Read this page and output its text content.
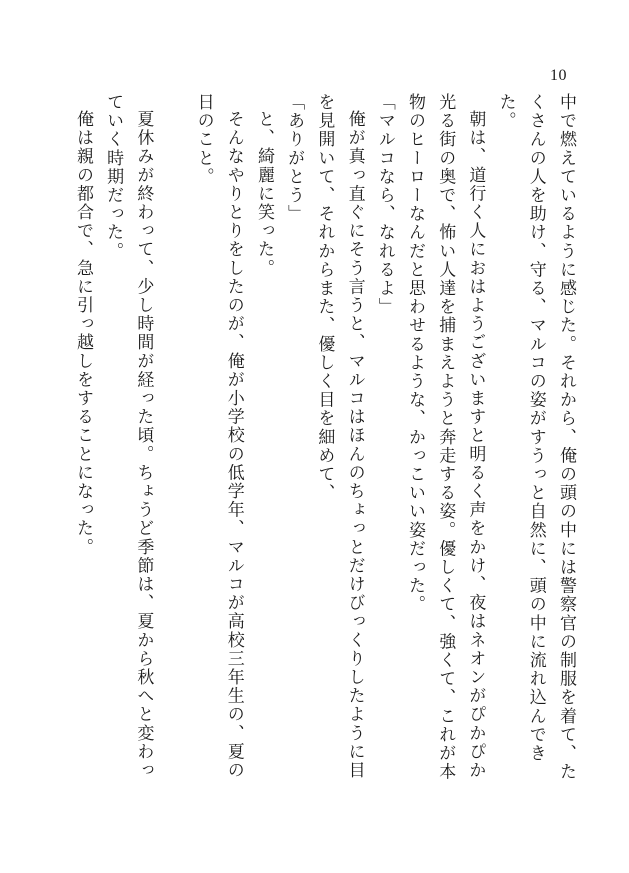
10

中で燃えているように感じた。それから、俺の頭の中には警察官の制服を着て、たくさんの人を助け、守る、マルコの姿がすうっと自然に、頭の中に流れ込んできた。

朝は、道行く人におはようございますと明るく声をかけ、夜はネオンがぴかぴか光る街の奥で、怖い人達を捕まえようと奔走する姿。優しくて、強くて、これが本物のヒーローなんだと思わせるような、かっこいい姿だった。

「マルコなら、なれるよ」

俺が真っ直ぐにそう言うと、マルコはほんのちょっとだけびっくりしたように目を見開いて、それからまた、優しく目を細めて、

「ありがとう」

と、綺麗に笑った。

そんなやりとりをしたのが、俺が小学校の低学年、マルコが高校三年生の、夏の日のこと。

夏休みが終わって、少し時間が経った頃。ちょうど季節は、夏から秋へと変わっていく時期だった。

俺は親の都合で、急に引っ越しをすることになった。
